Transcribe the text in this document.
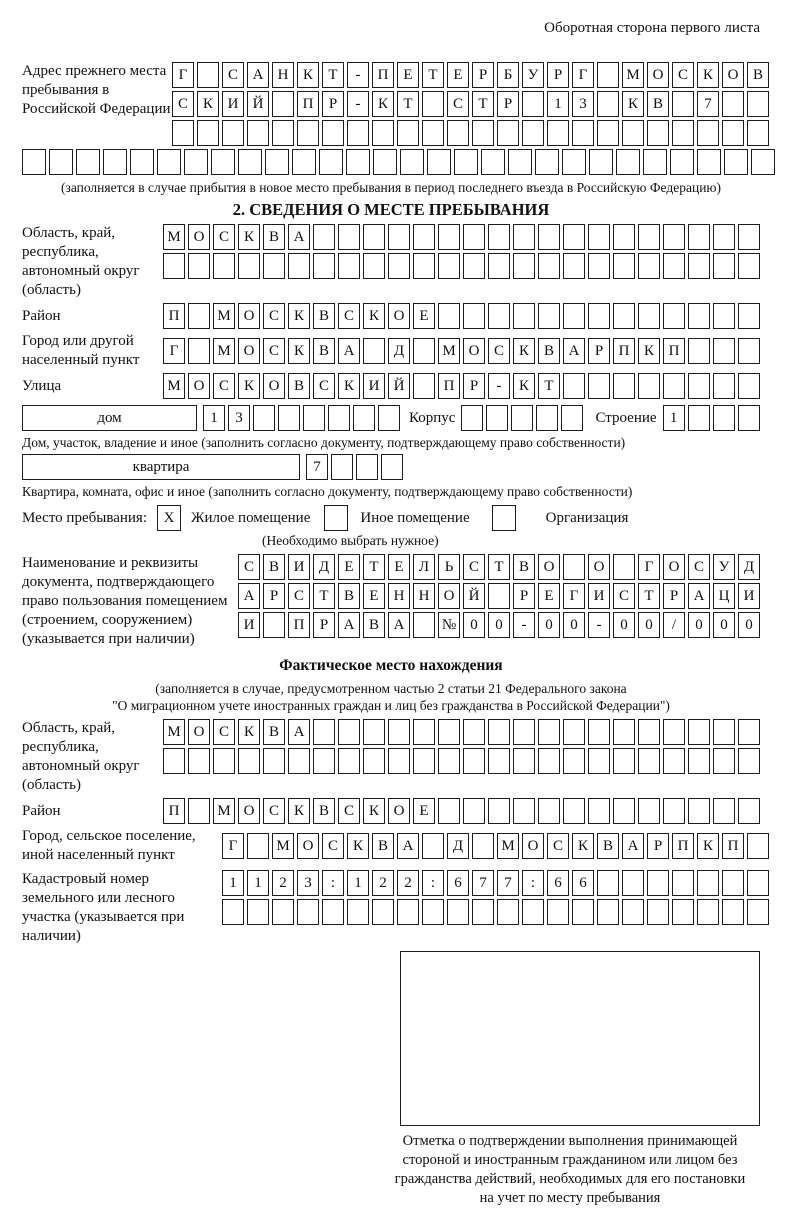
Оборотная сторона первого листа
Адрес прежнего места пребывания в Российской Федерации
Г	С А Н К	Т	-	П Е	Т	Е	Р	Б	У	Р	Г	М О С К О В
С К И Й	П	Р	-	К	Т	С	Т	Р	1	3	К В	7
(заполняется в случае прибытия в новое место пребывания в период последнего въезда в Российскую Федерацию)
2. СВЕДЕНИЯ О МЕСТЕ ПРЕБЫВАНИЯ
Область, край, республика, автономный округ (область)
М О С К В А
Район	П	М О С К В С К О Е
Город или другой населенный пункт
Г	М О С К В А	Д	М О С К В А	Р	П К П
Улица	М О С К О В С К И Й	П	Р	-	К	Т
дом	1	3	Корпус	Строение 1
Дом, участок, владение и иное (заполнить согласно документу, подтверждающему право собственности)
квартира	7
Квартира, комната, офис и иное (заполнить согласно документу, подтверждающему право собственности)
Место пребывания:	X	Жилое помещение	Иное помещение	Организация
(Необходимо выбрать нужное)
Наименование и реквизиты документа, подтверждающего право пользования помещением (строением, сооружением) (указывается при наличии)
С В И Д	Е	Т	Е	Л	Ь	С	Т	В О	О	Г	О С У Д
А	Р	С	Т	В	Е	Н Н О Й	Р	Е	Г	И С	Т	Р	А Ц И
И	П	Р	А В А	№ 0	0	-	0	0	-	0	0	/	0	0	0
Фактическое место нахождения
(заполняется в случае, предусмотренном частью 2 статьи 21 Федерального закона
"О миграционном учете иностранных граждан и лиц без гражданства в Российской Федерации")
Область, край, республика, автономный округ (область)
М О С К В А
Район	П	М О С К В С К О Е
Город, сельское поселение, иной населенный пункт
Г	М О С К В А	Д	М О С К В А	Р	П К П
Кадастровый номер земельного или лесного участка (указывается при наличии)
1	1	2	3	:	1	2	2	:	6	7	7	:	6	6
Отметка о подтверждении выполнения принимающей
стороной и иностранным гражданином или лицом без
гражданства действий, необходимых для его постановки
на учет по месту пребывания
